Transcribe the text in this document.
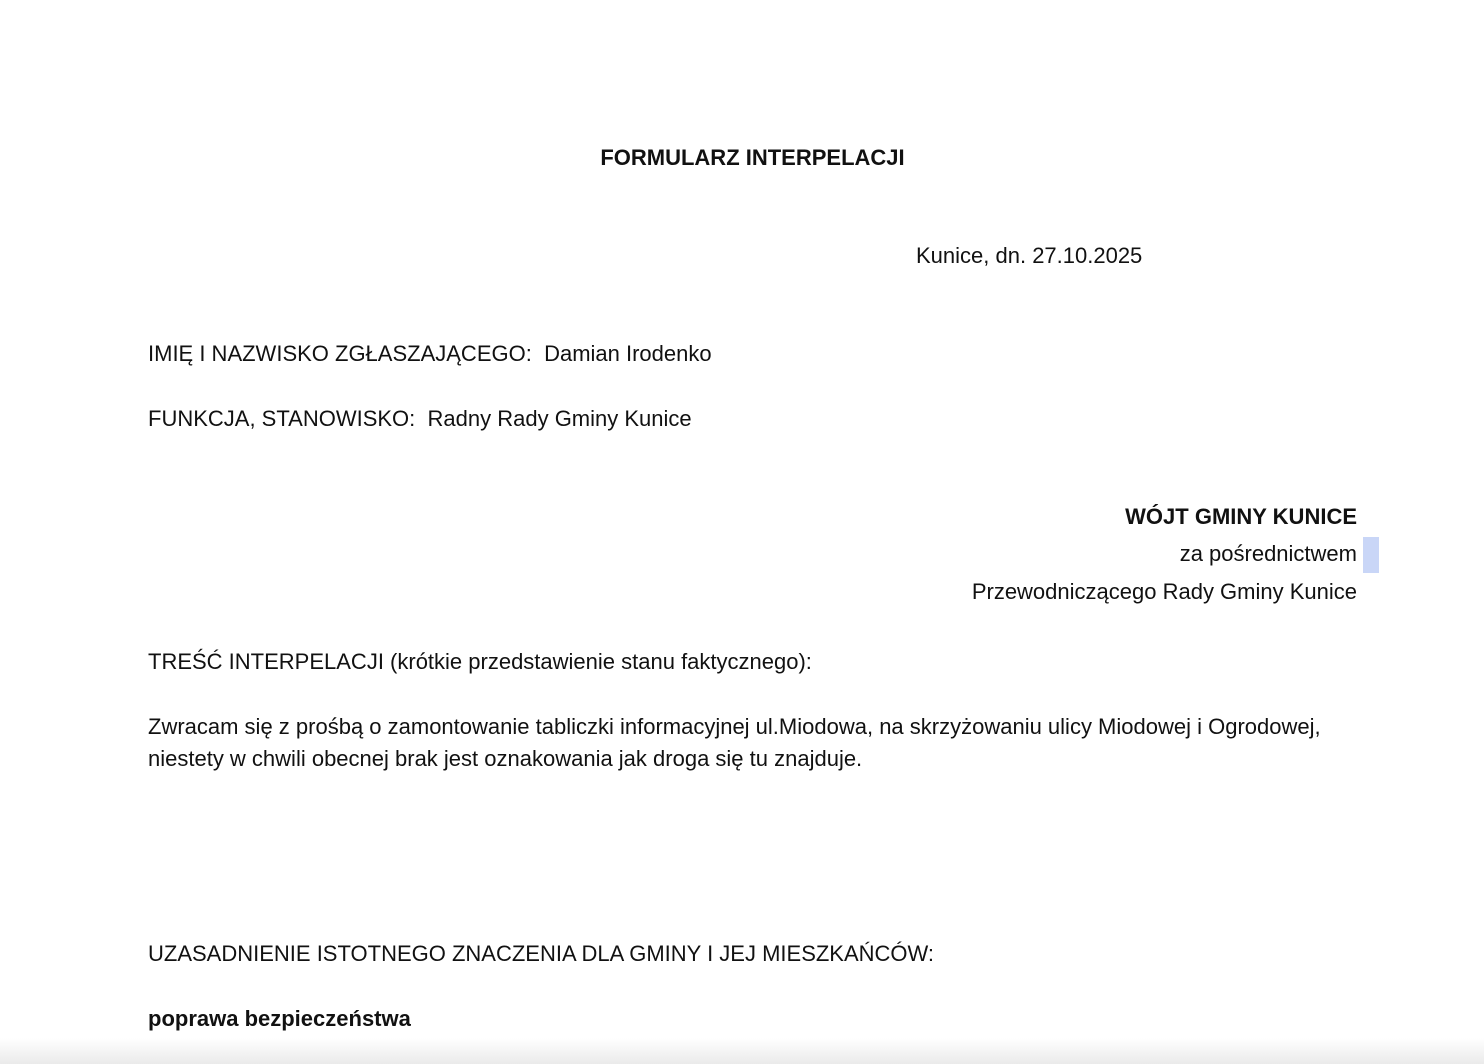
FORMULARZ INTERPELACJI
Kunice, dn. 27.10.2025
IMIĘ I NAZWISKO ZGŁASZAJĄCEGO: Damian Irodenko
FUNKCJA, STANOWISKO: Radny Rady Gminy Kunice
WÓJT GMINY KUNICE
za pośrednictwem
Przewodniczącego Rady Gminy Kunice
TREŚĆ INTERPELACJI (krótkie przedstawienie stanu faktycznego):
Zwracam się z prośbą o zamontowanie tabliczki informacyjnej ul.Miodowa, na skrzyżowaniu ulicy Miodowej i Ogrodowej, niestety w chwili obecnej brak jest oznakowania jak droga się tu znajduje.
UZASADNIENIE ISTOTNEGO ZNACZENIA DLA GMINY I JEJ MIESZKAŃCÓW:
poprawa bezpieczeństwa
